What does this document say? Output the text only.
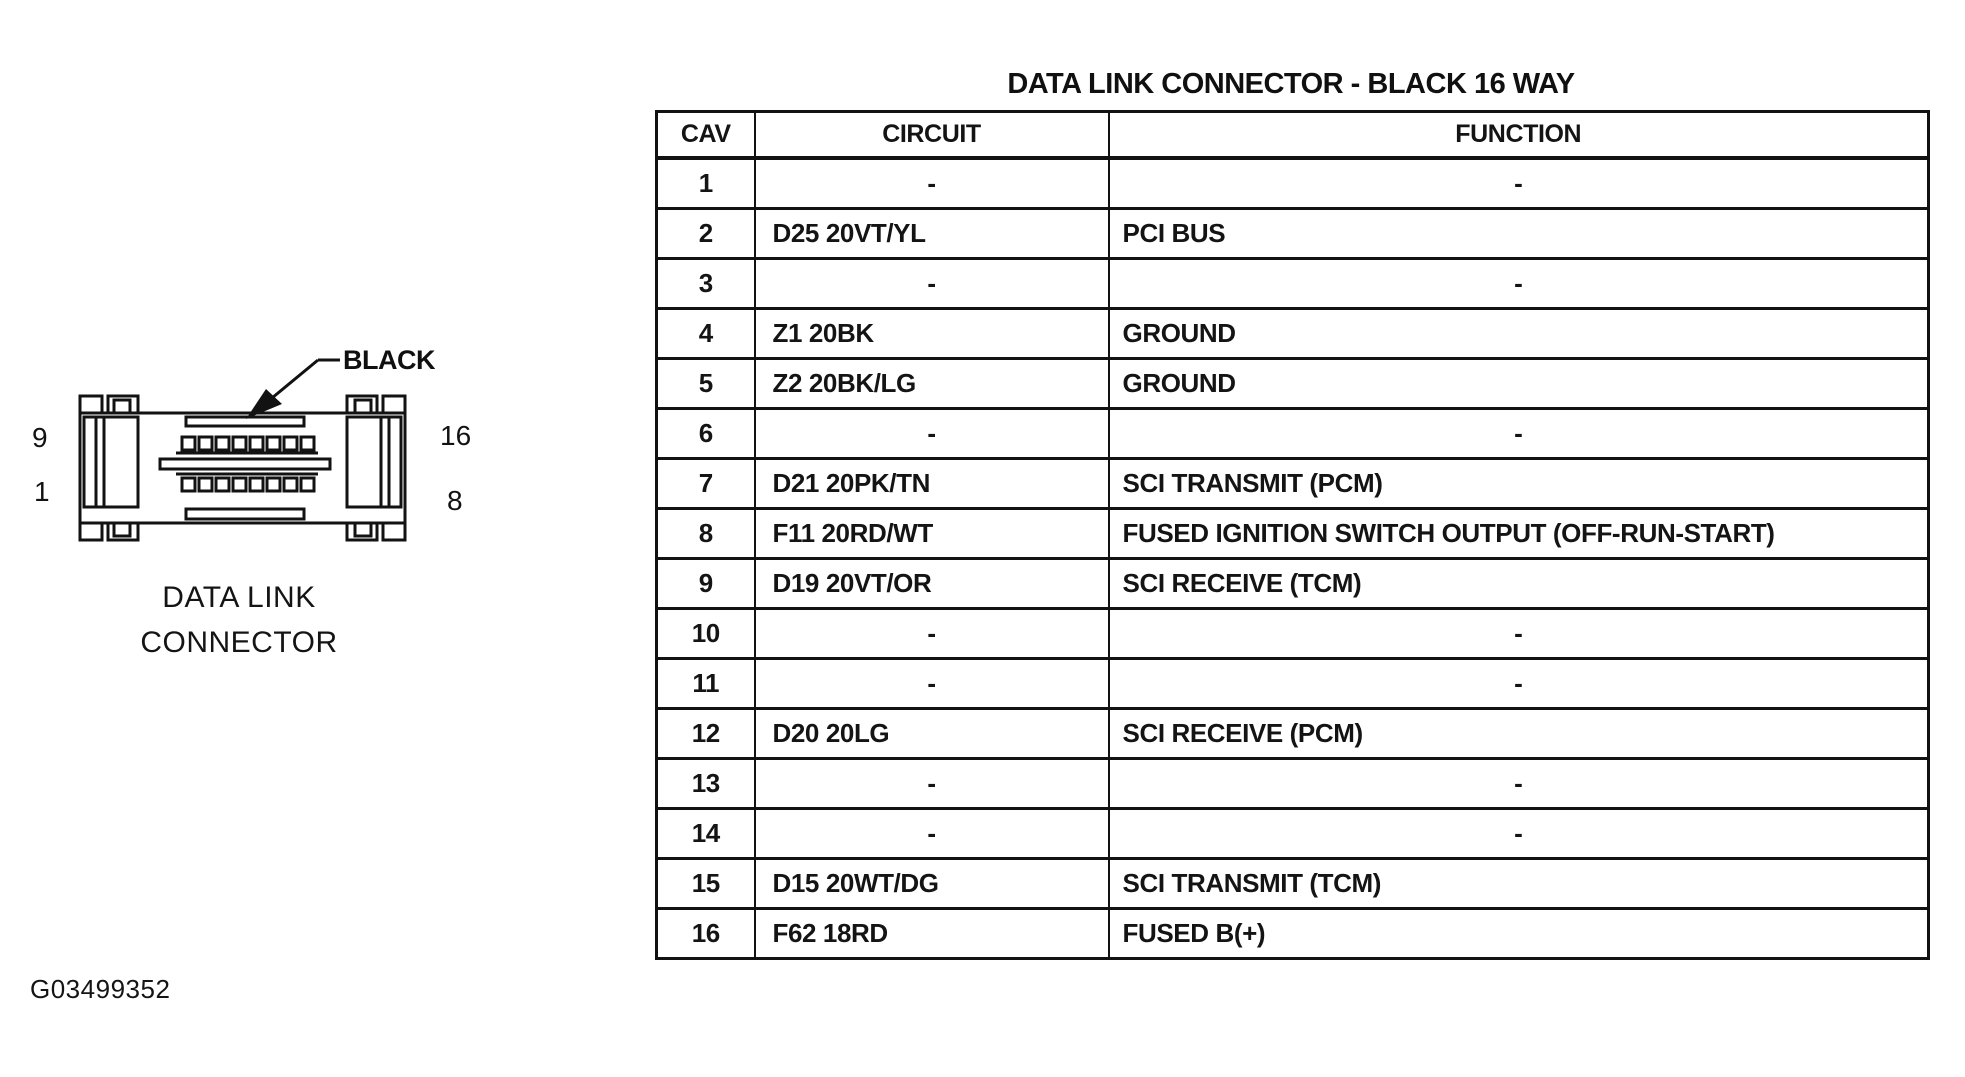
9
1
16
8
BLACK
DATA LINK
CONNECTOR
DATA LINK CONNECTOR - BLACK 16 WAY
CAV	CIRCUIT	FUNCTION
1	-	-
2	D25 20VT/YL	PCI BUS
3	-	-
4	Z1 20BK	GROUND
5	Z2 20BK/LG	GROUND
6	-	-
7	D21 20PK/TN	SCI TRANSMIT (PCM)
8	F11 20RD/WT	FUSED IGNITION SWITCH OUTPUT (OFF-RUN-START)
9	D19 20VT/OR	SCI RECEIVE (TCM)
10	-	-
11	-	-
12	D20 20LG	SCI RECEIVE (PCM)
13	-	-
14	-	-
15	D15 20WT/DG	SCI TRANSMIT (TCM)
16	F62 18RD	FUSED B(+)
G03499352
